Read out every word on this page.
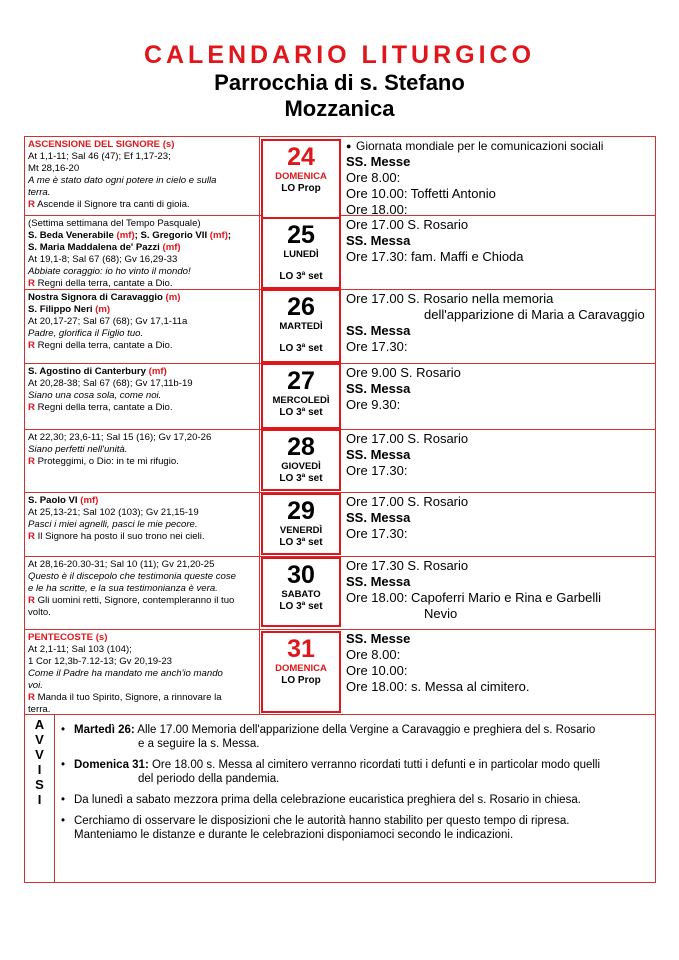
CALENDARIO LITURGICO
Parrocchia di s. Stefano
Mozzanica
ASCENSIONE DEL SIGNORE (s)
At 1,1-11; Sal 46 (47); Ef 1,17-23;
Mt 28,16-20
A me è stato dato ogni potere in cielo e sulla
terra.
R Ascende il Signore tra canti di gioia.
● Giornata mondiale per le comunicazioni sociali
SS. Messe
Ore 8.00:
Ore 10.00: Toffetti Antonio
Ore 18.00:
(Settima settimana del Tempo Pasquale)
S. Beda Venerabile (mf); S. Gregorio VII (mf);
S. Maria Maddalena de' Pazzi (mf)
At 19,1-8; Sal 67 (68); Gv 16,29-33
Abbiate coraggio: io ho vinto il mondo!
R Regni della terra, cantate a Dio.
Ore 17.00 S. Rosario
SS. Messa
Ore 17.30: fam. Maffi e Chioda
Nostra Signora di Caravaggio (m)
S. Filippo Neri (m)
At 20,17-27; Sal 67 (68); Gv 17,1-11a
Padre, glorifica il Figlio tuo.
R Regni della terra, cantate a Dio.
Ore 17.00 S. Rosario nella memoria
dell'apparizione di Maria a Caravaggio
SS. Messa
Ore 17.30:
S. Agostino di Canterbury (mf)
At 20,28-38; Sal 67 (68); Gv 17,11b-19
Siano una cosa sola, come noi.
R Regni della terra, cantate a Dio.
Ore 9.00 S. Rosario
SS. Messa
Ore 9.30:
At 22,30; 23,6-11; Sal 15 (16); Gv 17,20-26
Siano perfetti nell'unità.
R Proteggimi, o Dio: in te mi rifugio.
Ore 17.00 S. Rosario
SS. Messa
Ore 17.30:
S. Paolo VI (mf)
At 25,13-21; Sal 102 (103); Gv 21,15-19
Pasci i miei agnelli, pasci le mie pecore.
R Il Signore ha posto il suo trono nei cieli.
Ore 17.00 S. Rosario
SS. Messa
Ore 17.30:
At 28,16-20.30-31; Sal 10 (11); Gv 21,20-25
Questo è il discepolo che testimonia queste cose
e le ha scritte, e la sua testimonianza è vera.
R Gli uomini retti, Signore, contempleranno il tuo
volto.
Ore 17.30 S. Rosario
SS. Messa
Ore 18.00: Capoferri Mario e Rina e Garbelli
Nevio
PENTECOSTE (s)
At 2,1-11; Sal 103 (104);
1 Cor 12,3b-7.12-13; Gv 20,19-23
Come il Padre ha mandato me anch'io mando
voi.
R Manda il tuo Spirito, Signore, a rinnovare la
terra.
SS. Messe
Ore 8.00:
Ore 10.00:
Ore 18.00: s. Messa al cimitero.
A
V
V
I
S
I
• Martedì 26: Alle 17.00 Memoria dell'apparizione della Vergine a Caravaggio e preghiera del s. Rosario
e a seguire la s. Messa.
• Domenica 31: Ore 18.00 s. Messa al cimitero verranno ricordati tutti i defunti e in particolar modo quelli
del periodo della pandemia.
• Da lunedì a sabato mezzora prima della celebrazione eucaristica preghiera del s. Rosario in chiesa.
• Cerchiamo di osservare le disposizioni che le autorità hanno stabilito per questo tempo di ripresa.
Manteniamo le distanze e durante le celebrazioni disponiamoci secondo le indicazioni.
24
DOMENICA
LO Prop
25
LUNEDÌ
LO 3ª set
26
MARTEDÌ
LO 3ª set
27
MERCOLEDÌ
LO 3ª set
28
GIOVEDÌ
LO 3ª set
29
VENERDÌ
LO 3ª set
30
SABATO
LO 3ª set
31
DOMENICA
LO Prop
